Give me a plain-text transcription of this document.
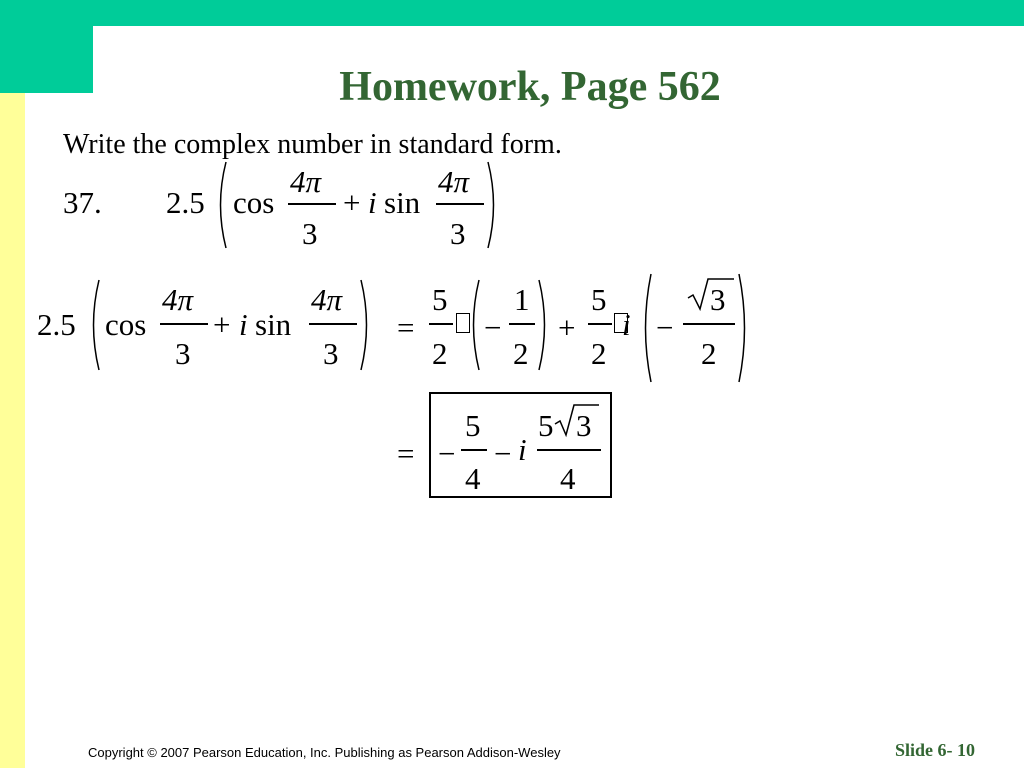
Homework, Page 562
Write the complex number in standard form.
37. 2.5 cos
4π
3
+ i sin
4π
3
2.5 cos
4π
3
+ i sin
4π
3
=
5
2
−
1
2
+
5
2
i −
3
2
= −
5
4
− i
5 3
4
Copyright © 2007 Pearson Education, Inc. Publishing as Pearson Addison-Wesley	Slide 6- 10
